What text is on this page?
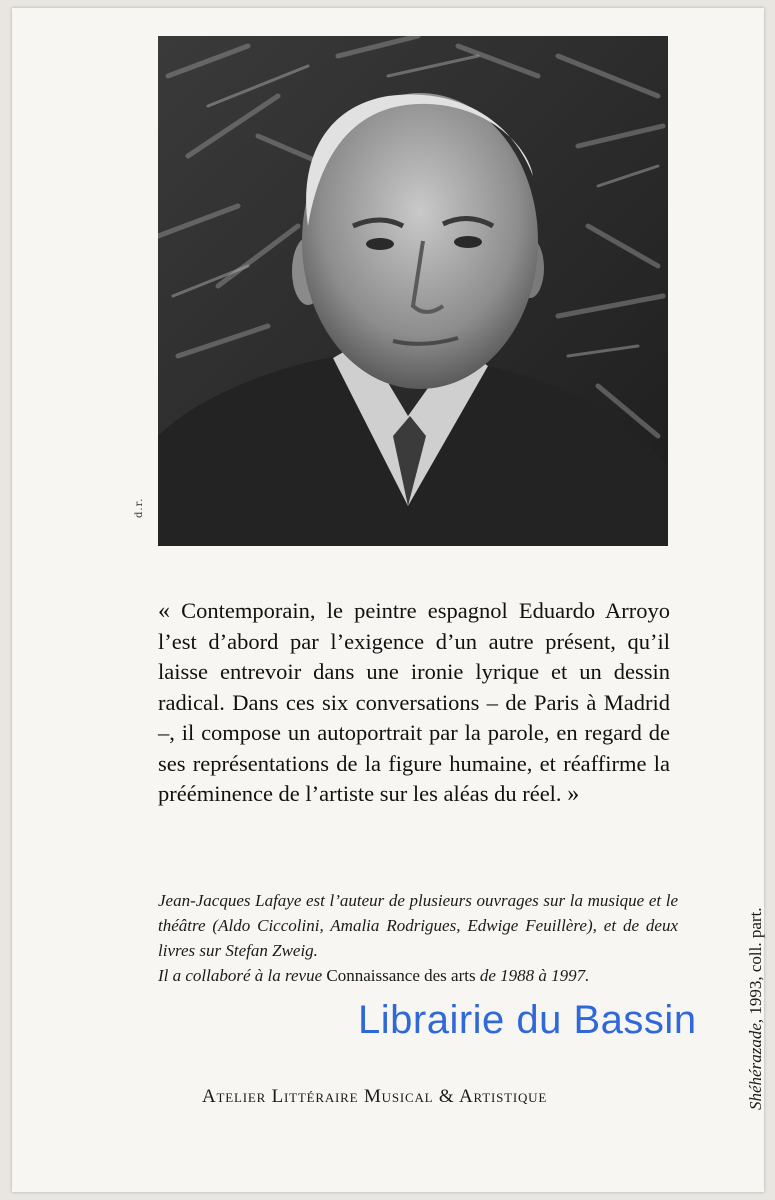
d.r.

« Contemporain, le peintre espagnol Eduardo Arroyo l’est d’abord par l’exigence d’un autre présent, qu’il laisse entrevoir dans une ironie lyrique et un dessin radical. Dans ces six conversations – de Paris à Madrid –, il compose un autoportrait par la parole, en regard de ses représentations de la figure humaine, et réaffirme la prééminence de l’artiste sur les aléas du réel. »

Jean-Jacques Lafaye est l’auteur de plusieurs ouvrages sur la musique et le théâtre (Aldo Ciccolini, Amalia Rodrigues, Edwige Feuillère), et de deux livres sur Stefan Zweig.

Il a collaboré à la revue Connaissance des arts de 1988 à 1997.

Atelier Littéraire Musical & Artistique	Shéhérazade, 1993, coll. part.
Librairie du Bassin
